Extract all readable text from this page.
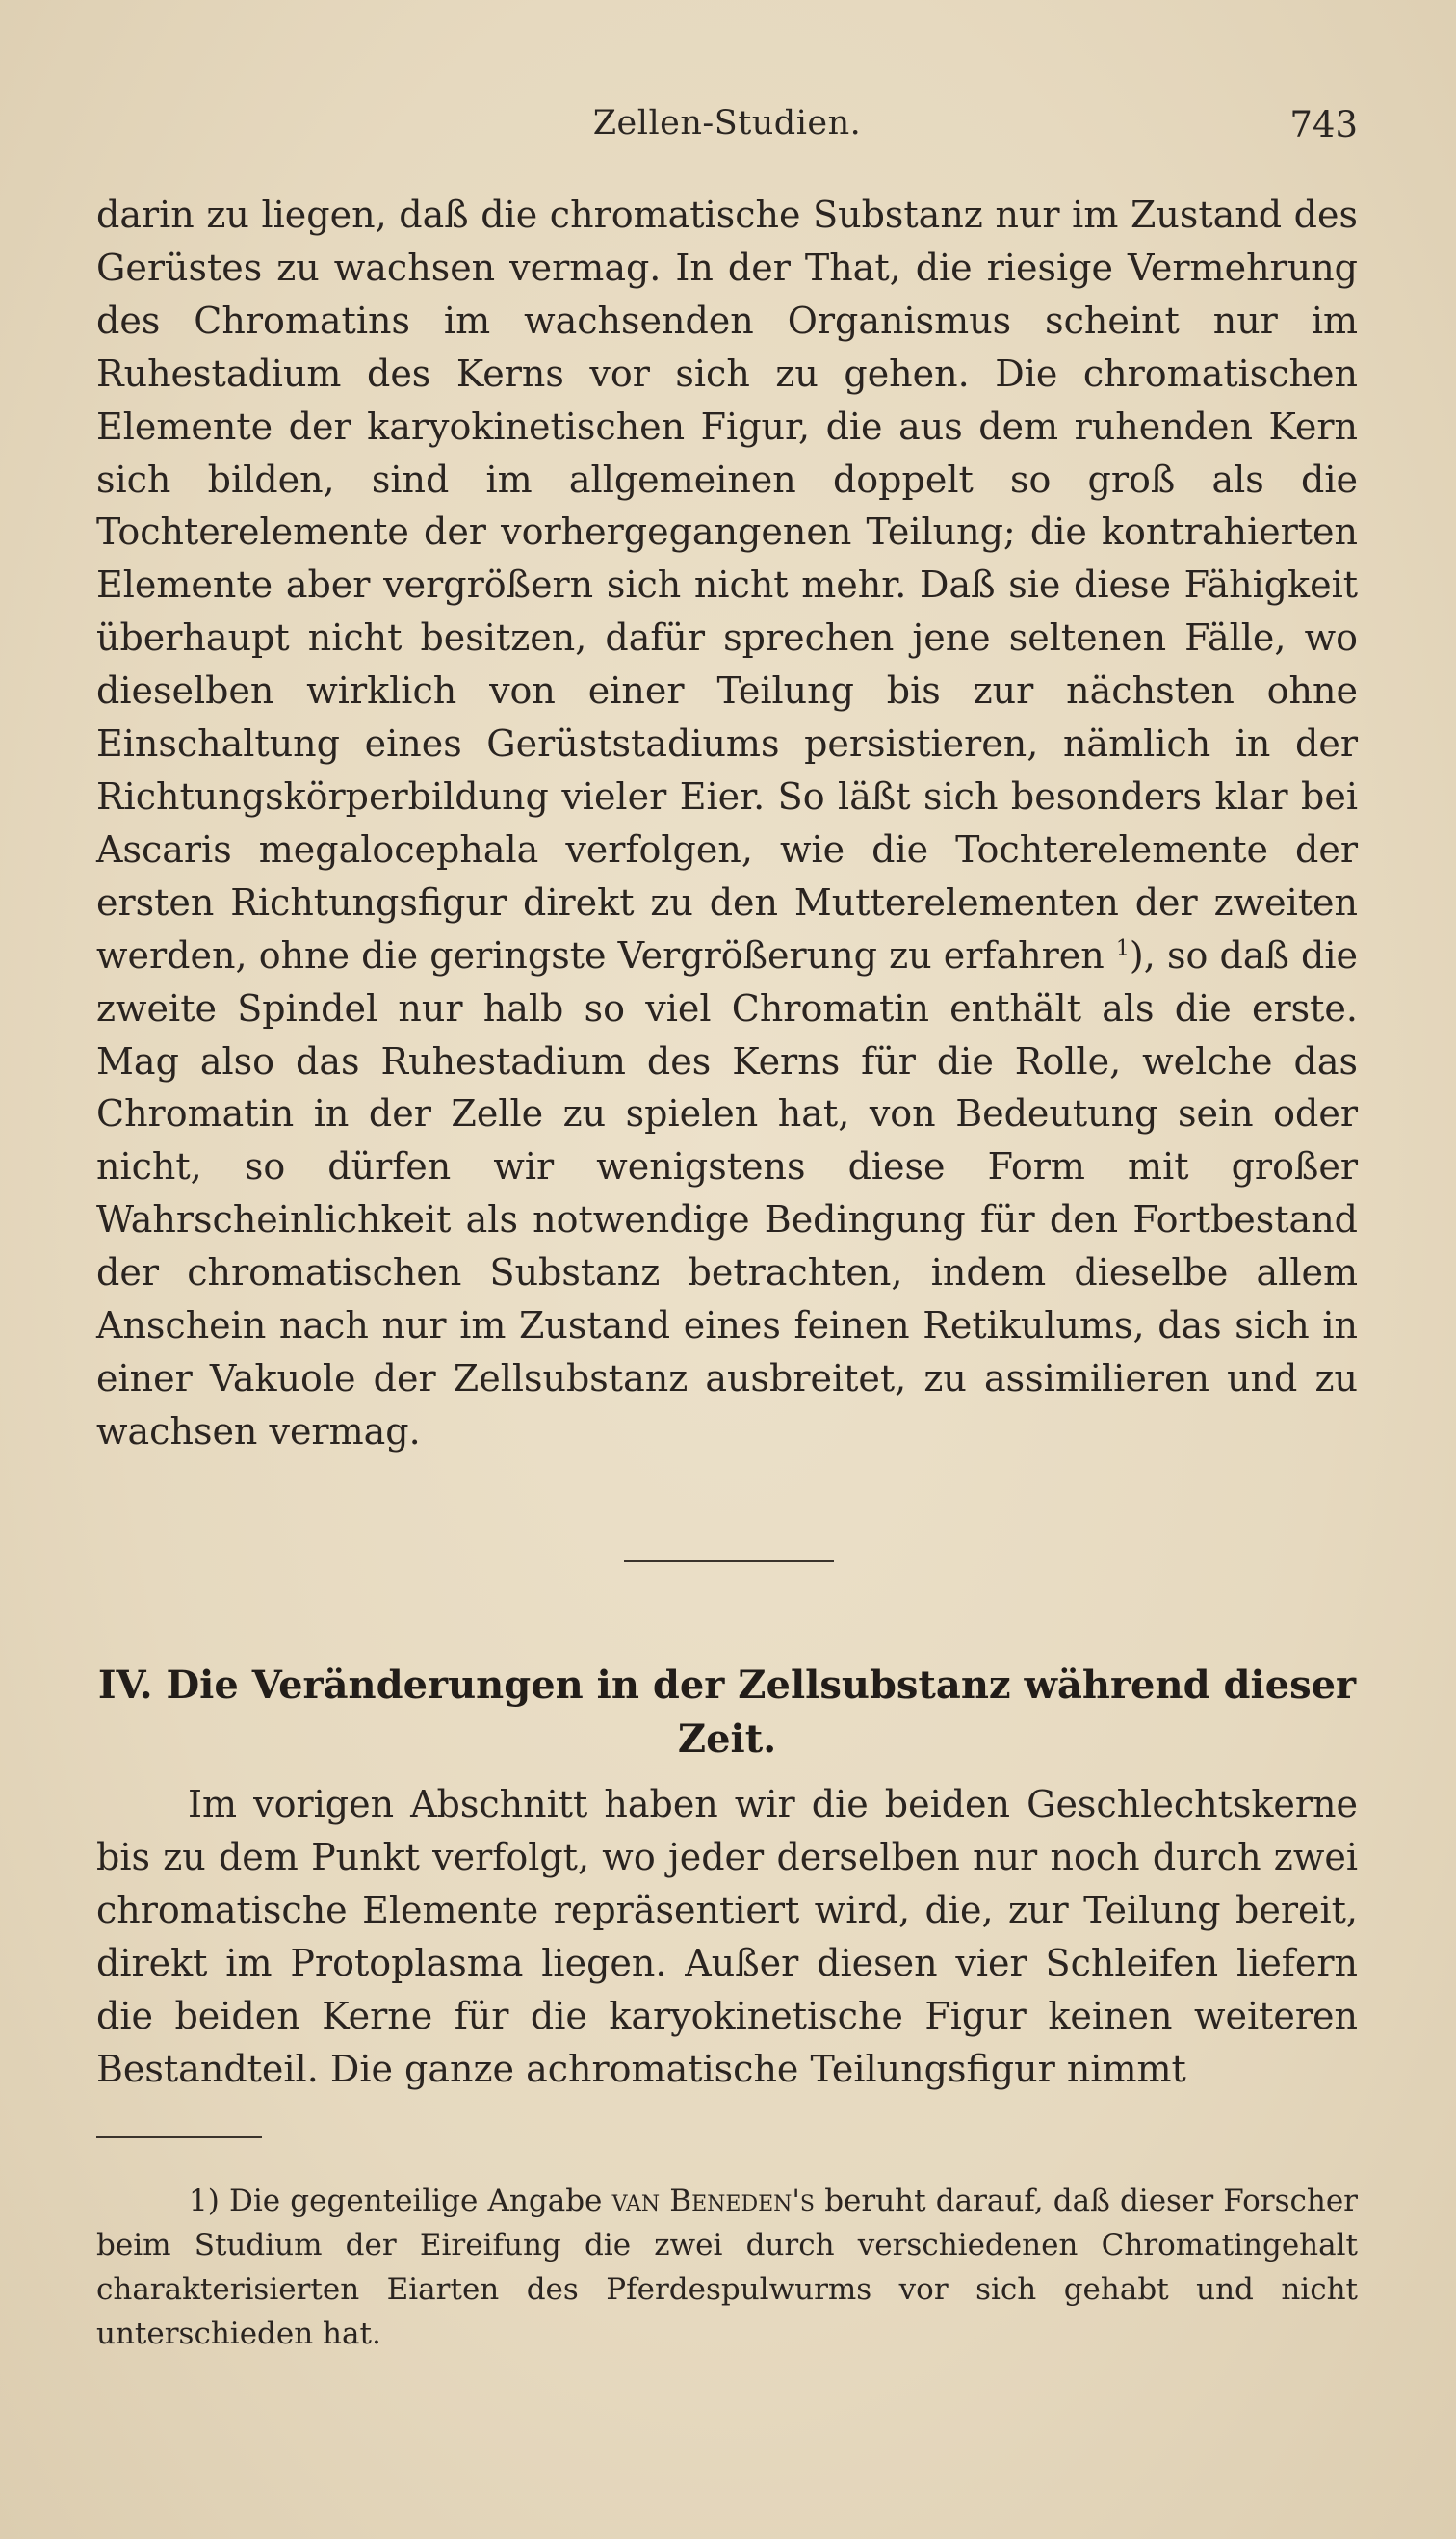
Zellen-Studien.	743

darin zu liegen, daß die chromatische Substanz nur im Zustand des Gerüstes zu wachsen vermag. In der That, die riesige Vermehrung des Chromatins im wachsenden Organismus scheint nur im Ruhestadium des Kerns vor sich zu gehen. Die chromatischen Elemente der karyokinetischen Figur, die aus dem ruhenden Kern sich bilden, sind im allgemeinen doppelt so groß als die Tochterelemente der vorhergegangenen Teilung; die kontrahierten Elemente aber vergrößern sich nicht mehr. Daß sie diese Fähigkeit überhaupt nicht besitzen, dafür sprechen jene seltenen Fälle, wo dieselben wirklich von einer Teilung bis zur nächsten ohne Einschaltung eines Gerüststadiums persistieren, nämlich in der Richtungskörperbildung vieler Eier. So läßt sich besonders klar bei Ascaris megalocephala verfolgen, wie die Tochterelemente der ersten Richtungsfigur direkt zu den Mutterelementen der zweiten werden, ohne die geringste Vergrößerung zu erfahren $^1$), so daß die zweite Spindel nur halb so viel Chromatin enthält als die erste. Mag also das Ruhestadium des Kerns für die Rolle, welche das Chromatin in der Zelle zu spielen hat, von Bedeutung sein oder nicht, so dürfen wir wenigstens diese Form mit großer Wahrscheinlichkeit als notwendige Bedingung für den Fortbestand der chromatischen Substanz betrachten, indem dieselbe allem Anschein nach nur im Zustand eines feinen Retikulums, das sich in einer Vakuole der Zellsubstanz ausbreitet, zu assimilieren und zu wachsen vermag.

IV. Die Veränderungen in der Zellsubstanz während dieser Zeit.

Im vorigen Abschnitt haben wir die beiden Geschlechtskerne bis zu dem Punkt verfolgt, wo jeder derselben nur noch durch zwei chromatische Elemente repräsentiert wird, die, zur Teilung bereit, direkt im Protoplasma liegen. Außer diesen vier Schleifen liefern die beiden Kerne für die karyokinetische Figur keinen weiteren Bestandteil. Die ganze achromatische Teilungsfigur nimmt

1) Die gegenteilige Angabe van Beneden's beruht darauf, daß dieser Forscher beim Studium der Eireifung die zwei durch verschiedenen Chromatingehalt charakterisierten Eiarten des Pferdespulwurms vor sich gehabt und nicht unterschieden hat.
